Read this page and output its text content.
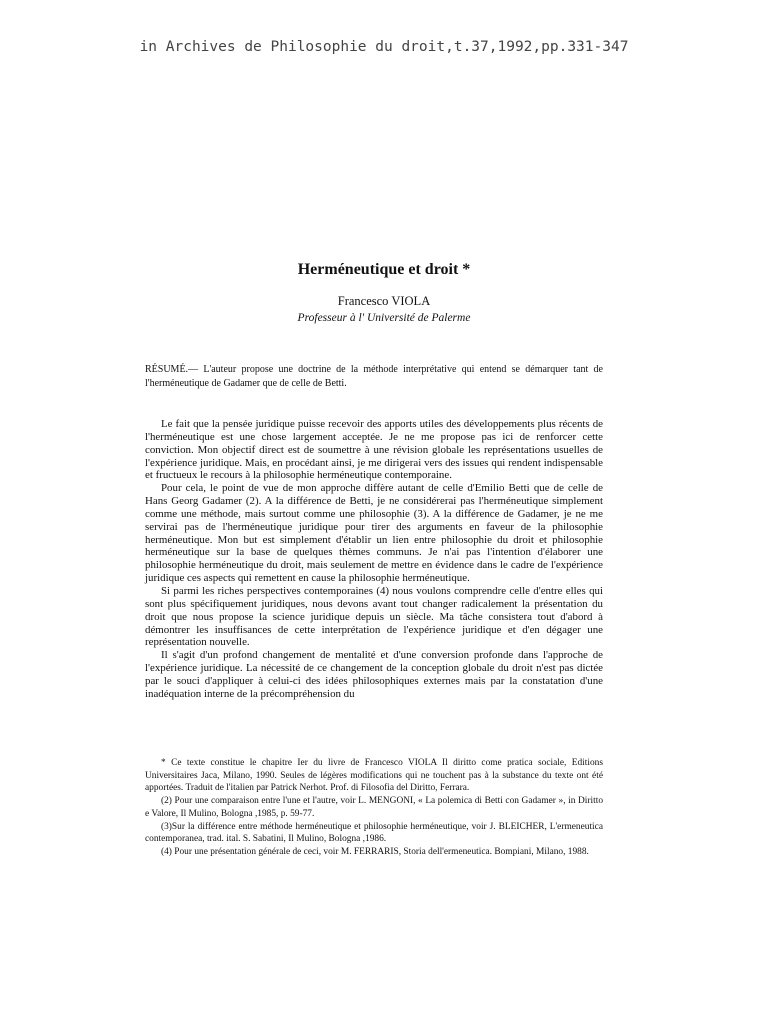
in Archives de Philosophie du droit,t.37,1992,pp.331-347
Herméneutique et droit *
Francesco VIOLA
Professeur à l' Université de Palerme
RÉSUMÉ.— L'auteur propose une doctrine de la méthode interprétative qui entend se démarquer tant de l'herméneutique de Gadamer que de celle de Betti.

Le fait que la pensée juridique puisse recevoir des apports utiles des développements plus récents de l'herméneutique est une chose largement acceptée. Je ne me propose pas ici de renforcer cette conviction. Mon objectif direct est de soumettre à une révision globale les représentations usuelles de l'expérience juridique. Mais, en procédant ainsi, je me dirigerai vers des issues qui rendent indispensable et fructueux le recours à la philosophie herméneutique contemporaine.

Pour cela, le point de vue de mon approche diffère autant de celle d'Emilio Betti que de celle de Hans Georg Gadamer (2). A la différence de Betti, je ne considérerai pas l'herméneutique simplement comme une méthode, mais surtout comme une philosophie (3). A la différence de Gadamer, je ne me servirai pas de l'herméneutique juridique pour tirer des arguments en faveur de la philosophie herméneutique. Mon but est simplement d'établir un lien entre philosophie du droit et philosophie herméneutique sur la base de quelques thèmes communs. Je n'ai pas l'intention d'élaborer une philosophie herméneutique du droit, mais seulement de mettre en évidence dans le cadre de l'expérience juridique ces aspects qui remettent en cause la philosophie herméneutique.

Si parmi les riches perspectives contemporaines (4) nous voulons comprendre celle d'entre elles qui sont plus spécifiquement juridiques, nous devons avant tout changer radicalement la présentation du droit que nous propose la science juridique depuis un siècle. Ma tâche consistera tout d'abord à démontrer les insuffisances de cette interprétation de l'expérience juridique et d'en dégager une représentation nouvelle.

Il s'agit d'un profond changement de mentalité et d'une conversion profonde dans l'approche de l'expérience juridique. La nécessité de ce changement de la conception globale du droit n'est pas dictée par le souci d'appliquer à celui-ci des idées philosophiques externes mais par la constatation d'une inadéquation interne de la précompréhension du

* Ce texte constitue le chapitre Ier du livre de Francesco VIOLA Il diritto come pratica sociale, Editions Universitaires Jaca, Milano, 1990. Seules de légères modifications qui ne touchent pas à la substance du texte ont été apportées. Traduit de l'italien par Patrick Nerhot. Prof. di Filosofia del Diritto, Ferrara.

(2) Pour une comparaison entre l'une et l'autre, voir L. MENGONI, « La polemica di Betti con Gadamer », in Diritto e Valore, Il Mulino, Bologna ,1985, p. 59-77.

(3)Sur la différence entre méthode herméneutique et philosophie herméneutique, voir J. BLEICHER, L'ermeneutica contemporanea, trad. ital. S. Sabatini, Il Mulino, Bologna ,1986.

(4) Pour une présentation générale de ceci, voir M. FERRARIS, Storia dell'ermeneutica. Bompiani, Milano, 1988.
